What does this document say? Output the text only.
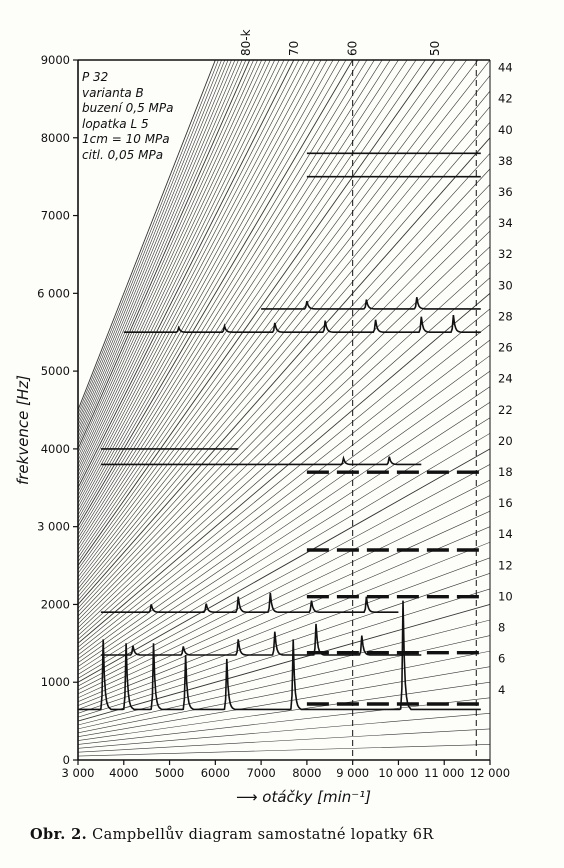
3 000 4000 5000 6000 7000 8000 9 000 10 000 11 000 12 000
0
1000
2000
3 000
4000
5000
6 000
7000
8000
9000
4
6
8
10
12
14
16
18
20
22
24
26
28
30
32
34
36
38
40
42
44
80-k	70	60	50
P 32
varianta B
buzení 0,5 MPa
lopatka L 5
1cm = 10 MPa
citl. 0,05 MPa
frekvence [Hz]
⟶ otáčky [min⁻¹]
Obr. 2. Campbellův diagram samostatné lopatky 6R
